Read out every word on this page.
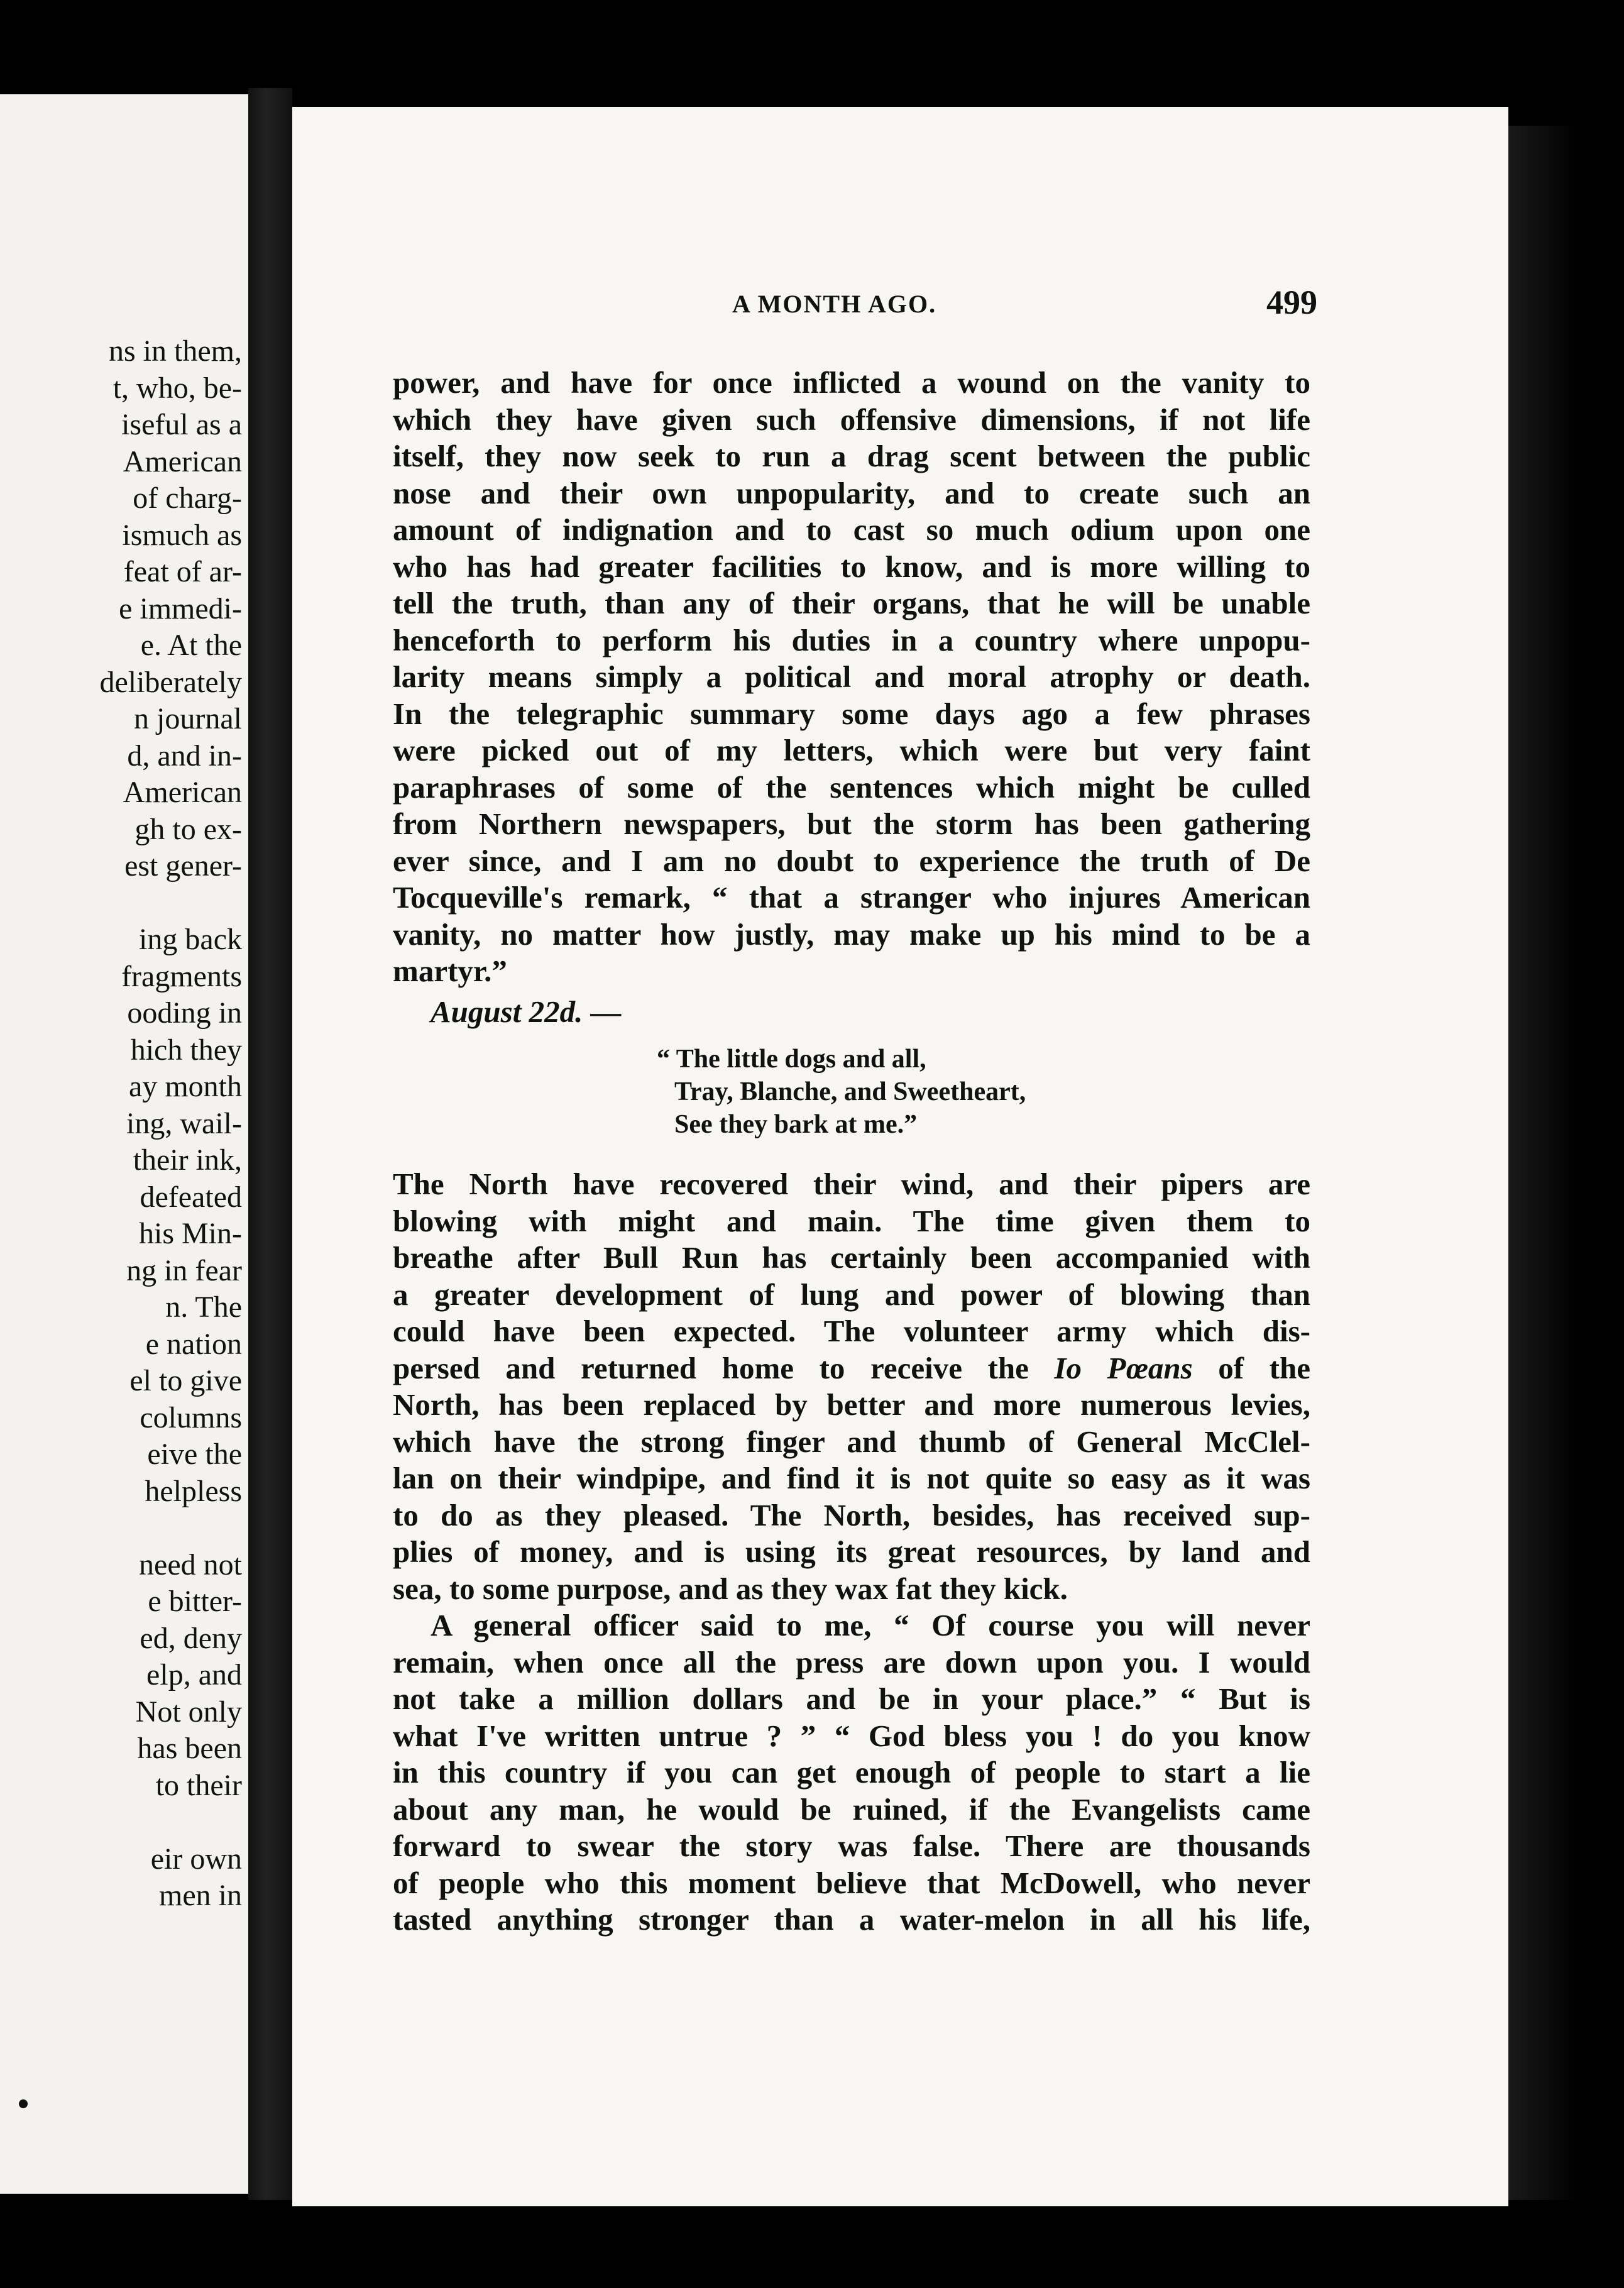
ns in them,
t, who, be-
iseful as a
American
of charg-
ismuch as
feat of ar-
e immedi-
e. At the
deliberately
n journal
d, and in-
American
gh to ex-
est gener-

ing back
fragments
ooding in
hich they
ay month
ing, wail-
their ink,
defeated
his Min-
ng in fear
n. The
e nation
el to give
columns
eive the
helpless

need not
e bitter-
ed, deny
elp, and
Not only
has been
to their

eir own
men in
A MONTH AGO.	499

power, and have for once inflicted a wound on the vanity to
which they have given such offensive dimensions, if not life
itself, they now seek to run a drag scent between the public
nose and their own unpopularity, and to create such an
amount of indignation and to cast so much odium upon one
who has had greater facilities to know, and is more willing to
tell the truth, than any of their organs, that he will be unable
henceforth to perform his duties in a country where unpopu-
larity means simply a political and moral atrophy or death.
In the telegraphic summary some days ago a few phrases
were picked out of my letters, which were but very faint
paraphrases of some of the sentences which might be culled
from Northern newspapers, but the storm has been gathering
ever since, and I am no doubt to experience the truth of De
Tocqueville's remark, “ that a stranger who injures American
vanity, no matter how justly, may make up his mind to be a
martyr.”

August 22d. —
“ The little dogs and all,
Tray, Blanche, and Sweetheart,
See they bark at me.”

The North have recovered their wind, and their pipers are
blowing with might and main. The time given them to
breathe after Bull Run has certainly been accompanied with
a greater development of lung and power of blowing than
could have been expected. The volunteer army which dis-
persed and returned home to receive the Io Pœans of the
North, has been replaced by better and more numerous levies,
which have the strong finger and thumb of General McClel-
lan on their windpipe, and find it is not quite so easy as it was
to do as they pleased. The North, besides, has received sup-
plies of money, and is using its great resources, by land and
sea, to some purpose, and as they wax fat they kick.

A general officer said to me, “ Of course you will never
remain, when once all the press are down upon you. I would
not take a million dollars and be in your place.” “ But is
what I've written untrue ? ” “ God bless you ! do you know
in this country if you can get enough of people to start a lie
about any man, he would be ruined, if the Evangelists came
forward to swear the story was false. There are thousands
of people who this moment believe that McDowell, who never
tasted anything stronger than a water-melon in all his life,
